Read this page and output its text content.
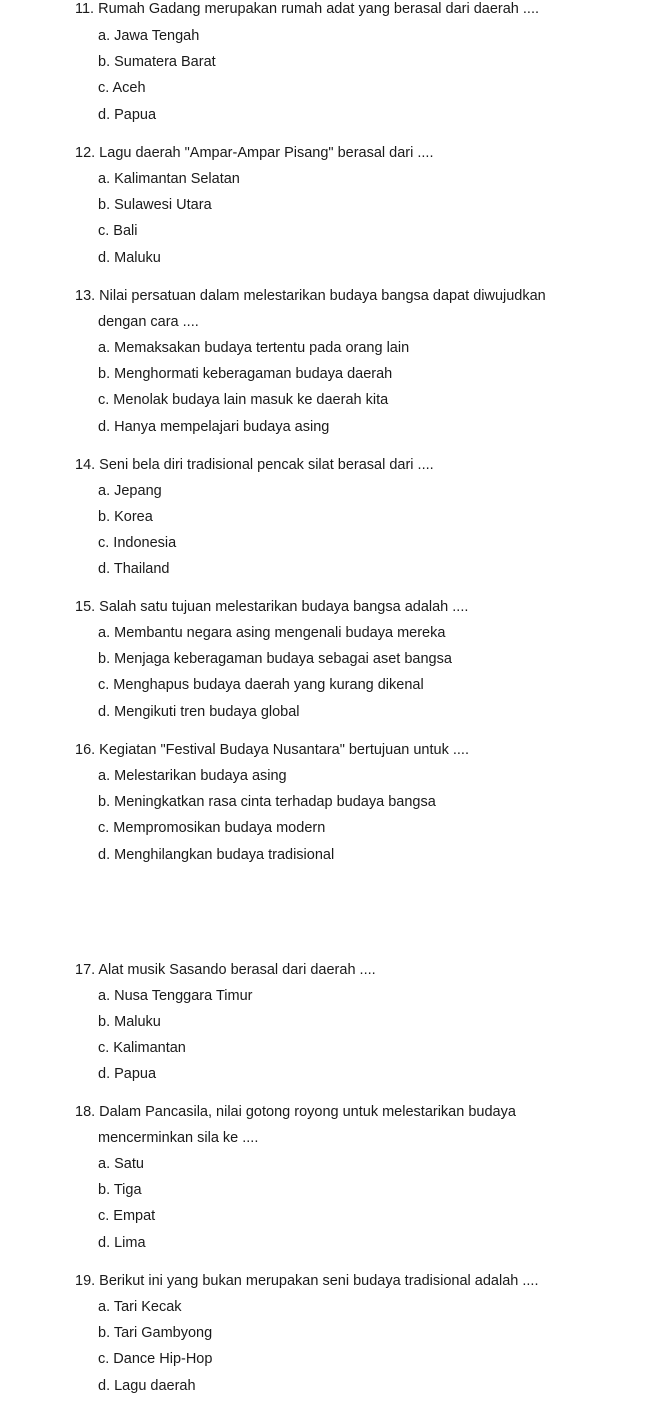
11. Rumah Gadang merupakan rumah adat yang berasal dari daerah ....
a. Jawa Tengah
b. Sumatera Barat
c. Aceh
d. Papua
12. Lagu daerah "Ampar-Ampar Pisang" berasal dari ....
a. Kalimantan Selatan
b. Sulawesi Utara
c. Bali
d. Maluku
13. Nilai persatuan dalam melestarikan budaya bangsa dapat diwujudkan
dengan cara ....
a. Memaksakan budaya tertentu pada orang lain
b. Menghormati keberagaman budaya daerah
c. Menolak budaya lain masuk ke daerah kita
d. Hanya mempelajari budaya asing
14. Seni bela diri tradisional pencak silat berasal dari ....
a. Jepang
b. Korea
c. Indonesia
d. Thailand
15. Salah satu tujuan melestarikan budaya bangsa adalah ....
a. Membantu negara asing mengenali budaya mereka
b. Menjaga keberagaman budaya sebagai aset bangsa
c. Menghapus budaya daerah yang kurang dikenal
d. Mengikuti tren budaya global
16. Kegiatan "Festival Budaya Nusantara" bertujuan untuk ....
a. Melestarikan budaya asing
b. Meningkatkan rasa cinta terhadap budaya bangsa
c. Mempromosikan budaya modern
d. Menghilangkan budaya tradisional
17. Alat musik Sasando berasal dari daerah ....
a. Nusa Tenggara Timur
b. Maluku
c. Kalimantan
d. Papua
18. Dalam Pancasila, nilai gotong royong untuk melestarikan budaya
mencerminkan sila ke ....
a. Satu
b. Tiga
c. Empat
d. Lima
19. Berikut ini yang bukan merupakan seni budaya tradisional adalah ....
a. Tari Kecak
b. Tari Gambyong
c. Dance Hip-Hop
d. Lagu daerah
